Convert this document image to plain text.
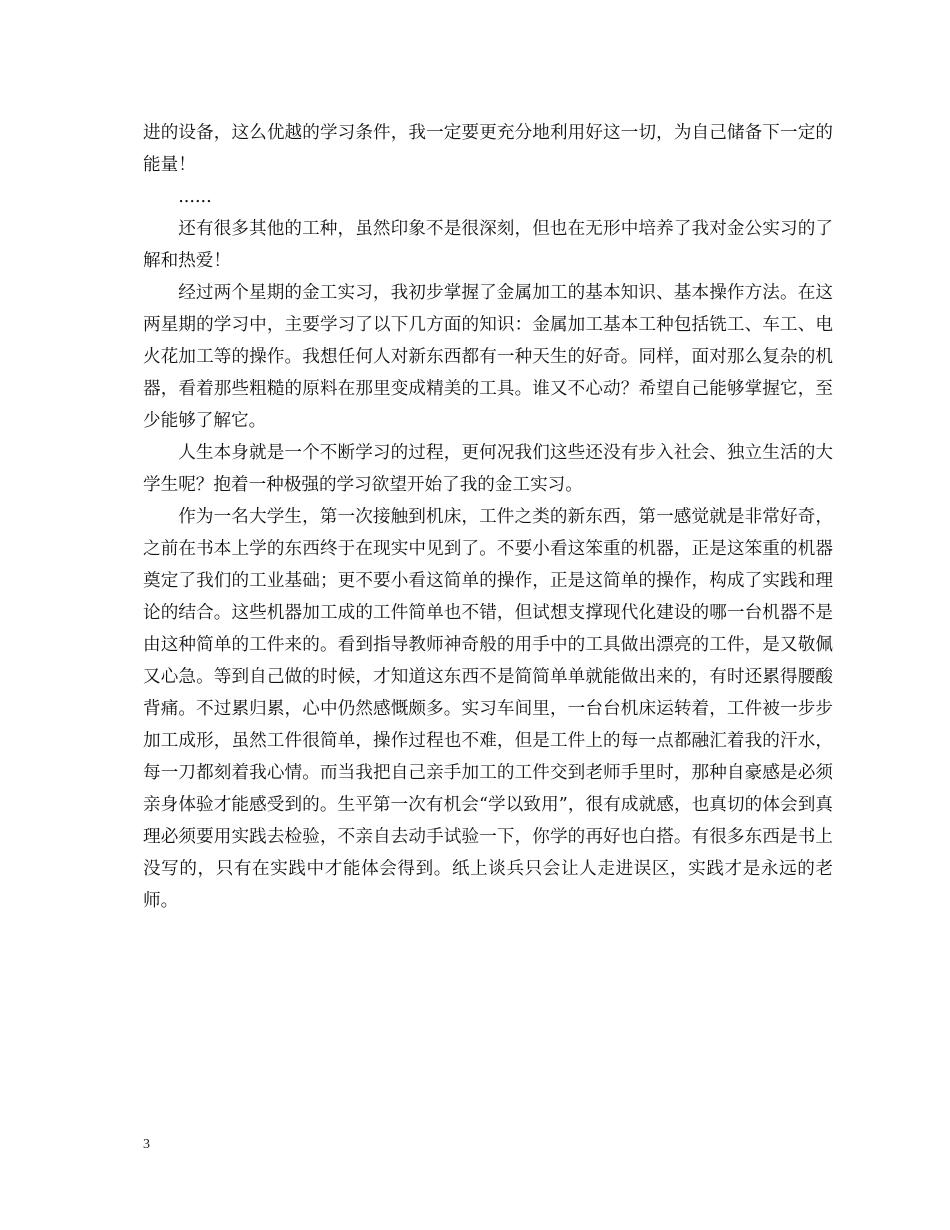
进的设备，这么优越的学习条件，我一定要更充分地利用好这一切，为自己储备下一定的能量！

......

还有很多其他的工种，虽然印象不是很深刻，但也在无形中培养了我对金公实习的了解和热爱！

经过两个星期的金工实习，我初步掌握了金属加工的基本知识、基本操作方法。在这两星期的学习中，主要学习了以下几方面的知识：金属加工基本工种包括铣工、车工、电火花加工等的操作。我想任何人对新东西都有一种天生的好奇。同样，面对那么复杂的机器，看着那些粗糙的原料在那里变成精美的工具。谁又不心动？希望自己能够掌握它，至少能够了解它。

人生本身就是一个不断学习的过程，更何况我们这些还没有步入社会、独立生活的大学生呢？抱着一种极强的学习欲望开始了我的金工实习。

作为一名大学生，第一次接触到机床，工件之类的新东西，第一感觉就是非常好奇，之前在书本上学的东西终于在现实中见到了。不要小看这笨重的机器，正是这笨重的机器奠定了我们的工业基础；更不要小看这简单的操作，正是这简单的操作，构成了实践和理论的结合。这些机器加工成的工件简单也不错，但试想支撑现代化建设的哪一台机器不是由这种简单的工件来的。看到指导教师神奇般的用手中的工具做出漂亮的工件，是又敬佩又心急。等到自己做的时候，才知道这东西不是简简单单就能做出来的，有时还累得腰酸背痛。不过累归累，心中仍然感慨颇多。实习车间里，一台台机床运转着，工件被一步步加工成形，虽然工件很简单，操作过程也不难，但是工件上的每一点都融汇着我的汗水，每一刀都刻着我心情。而当我把自己亲手加工的工件交到老师手里时，那种自豪感是必须亲身体验才能感受到的。生平第一次有机会“学以致用”，很有成就感，也真切的体会到真理必须要用实践去检验，不亲自去动手试验一下，你学的再好也白搭。有很多东西是书上没写的，只有在实践中才能体会得到。纸上谈兵只会让人走进误区，实践才是永远的老师。

3
